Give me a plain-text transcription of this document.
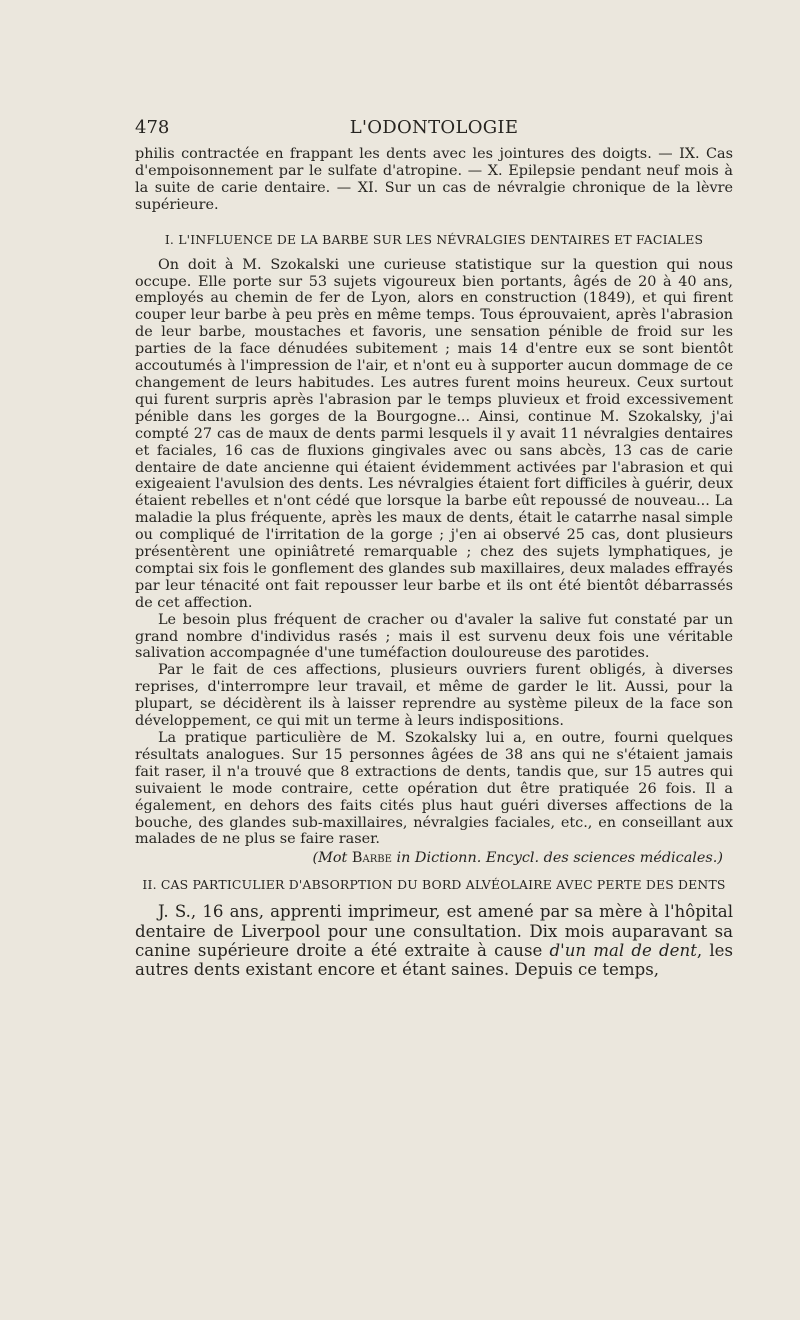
478	L'ODONTOLOGIE

philis contractée en frappant les dents avec les jointures des doigts. — IX. Cas d'empoisonnement par le sulfate d'atropine. — X. Epilepsie pendant neuf mois à la suite de carie dentaire. — XI. Sur un cas de névralgie chronique de la lèvre supérieure.

I. L'INFLUENCE DE LA BARBE SUR LES NÉVRALGIES DENTAIRES ET FACIALES

On doit à M. Szokalski une curieuse statistique sur la question qui nous occupe. Elle porte sur 53 sujets vigoureux bien portants, âgés de 20 à 40 ans, employés au chemin de fer de Lyon, alors en construction (1849), et qui firent couper leur barbe à peu près en même temps. Tous éprouvaient, après l'abrasion de leur barbe, moustaches et favoris, une sensation pénible de froid sur les parties de la face dénudées subitement ; mais 14 d'entre eux se sont bientôt accoutumés à l'impression de l'air, et n'ont eu à supporter aucun dommage de ce changement de leurs habitudes. Les autres furent moins heureux. Ceux surtout qui furent surpris après l'abrasion par le temps pluvieux et froid excessivement pénible dans les gorges de la Bourgogne... Ainsi, continue M. Szokalsky, j'ai compté 27 cas de maux de dents parmi lesquels il y avait 11 névralgies dentaires et faciales, 16 cas de fluxions gingivales avec ou sans abcès, 13 cas de carie dentaire de date ancienne qui étaient évidemment activées par l'abrasion et qui exigeaient l'avulsion des dents. Les névralgies étaient fort difficiles à guérir, deux étaient rebelles et n'ont cédé que lorsque la barbe eût repoussé de nouveau... La maladie la plus fréquente, après les maux de dents, était le catarrhe nasal simple ou compliqué de l'irritation de la gorge ; j'en ai observé 25 cas, dont plusieurs présentèrent une opiniâtreté remarquable ; chez des sujets lymphatiques, je comptai six fois le gonflement des glandes sub maxillaires, deux malades effrayés par leur ténacité ont fait repousser leur barbe et ils ont été bientôt débarrassés de cet affection.

Le besoin plus fréquent de cracher ou d'avaler la salive fut constaté par un grand nombre d'individus rasés ; mais il est survenu deux fois une véritable salivation accompagnée d'une tuméfaction douloureuse des parotides.

Par le fait de ces affections, plusieurs ouvriers furent obligés, à diverses reprises, d'interrompre leur travail, et même de garder le lit. Aussi, pour la plupart, se décidèrent ils à laisser reprendre au système pileux de la face son développement, ce qui mit un terme à leurs indispositions.

La pratique particulière de M. Szokalsky lui a, en outre, fourni quelques résultats analogues. Sur 15 personnes âgées de 38 ans qui ne s'étaient jamais fait raser, il n'a trouvé que 8 extractions de dents, tandis que, sur 15 autres qui suivaient le mode contraire, cette opération dut être pratiquée 26 fois. Il a également, en dehors des faits cités plus haut guéri diverses affections de la bouche, des glandes sub-maxillaires, névralgies faciales, etc., en conseillant aux malades de ne plus se faire raser.

(Mot Barbe in Dictionn. Encycl. des sciences médicales.)
II. CAS PARTICULIER D'ABSORPTION DU BORD ALVÉOLAIRE AVEC PERTE DES DENTS

J. S., 16 ans, apprenti imprimeur, est amené par sa mère à l'hôpital dentaire de Liverpool pour une consultation. Dix mois auparavant sa canine supérieure droite a été extraite à cause d'un mal de dent, les autres dents existant encore et étant saines. Depuis ce temps,
